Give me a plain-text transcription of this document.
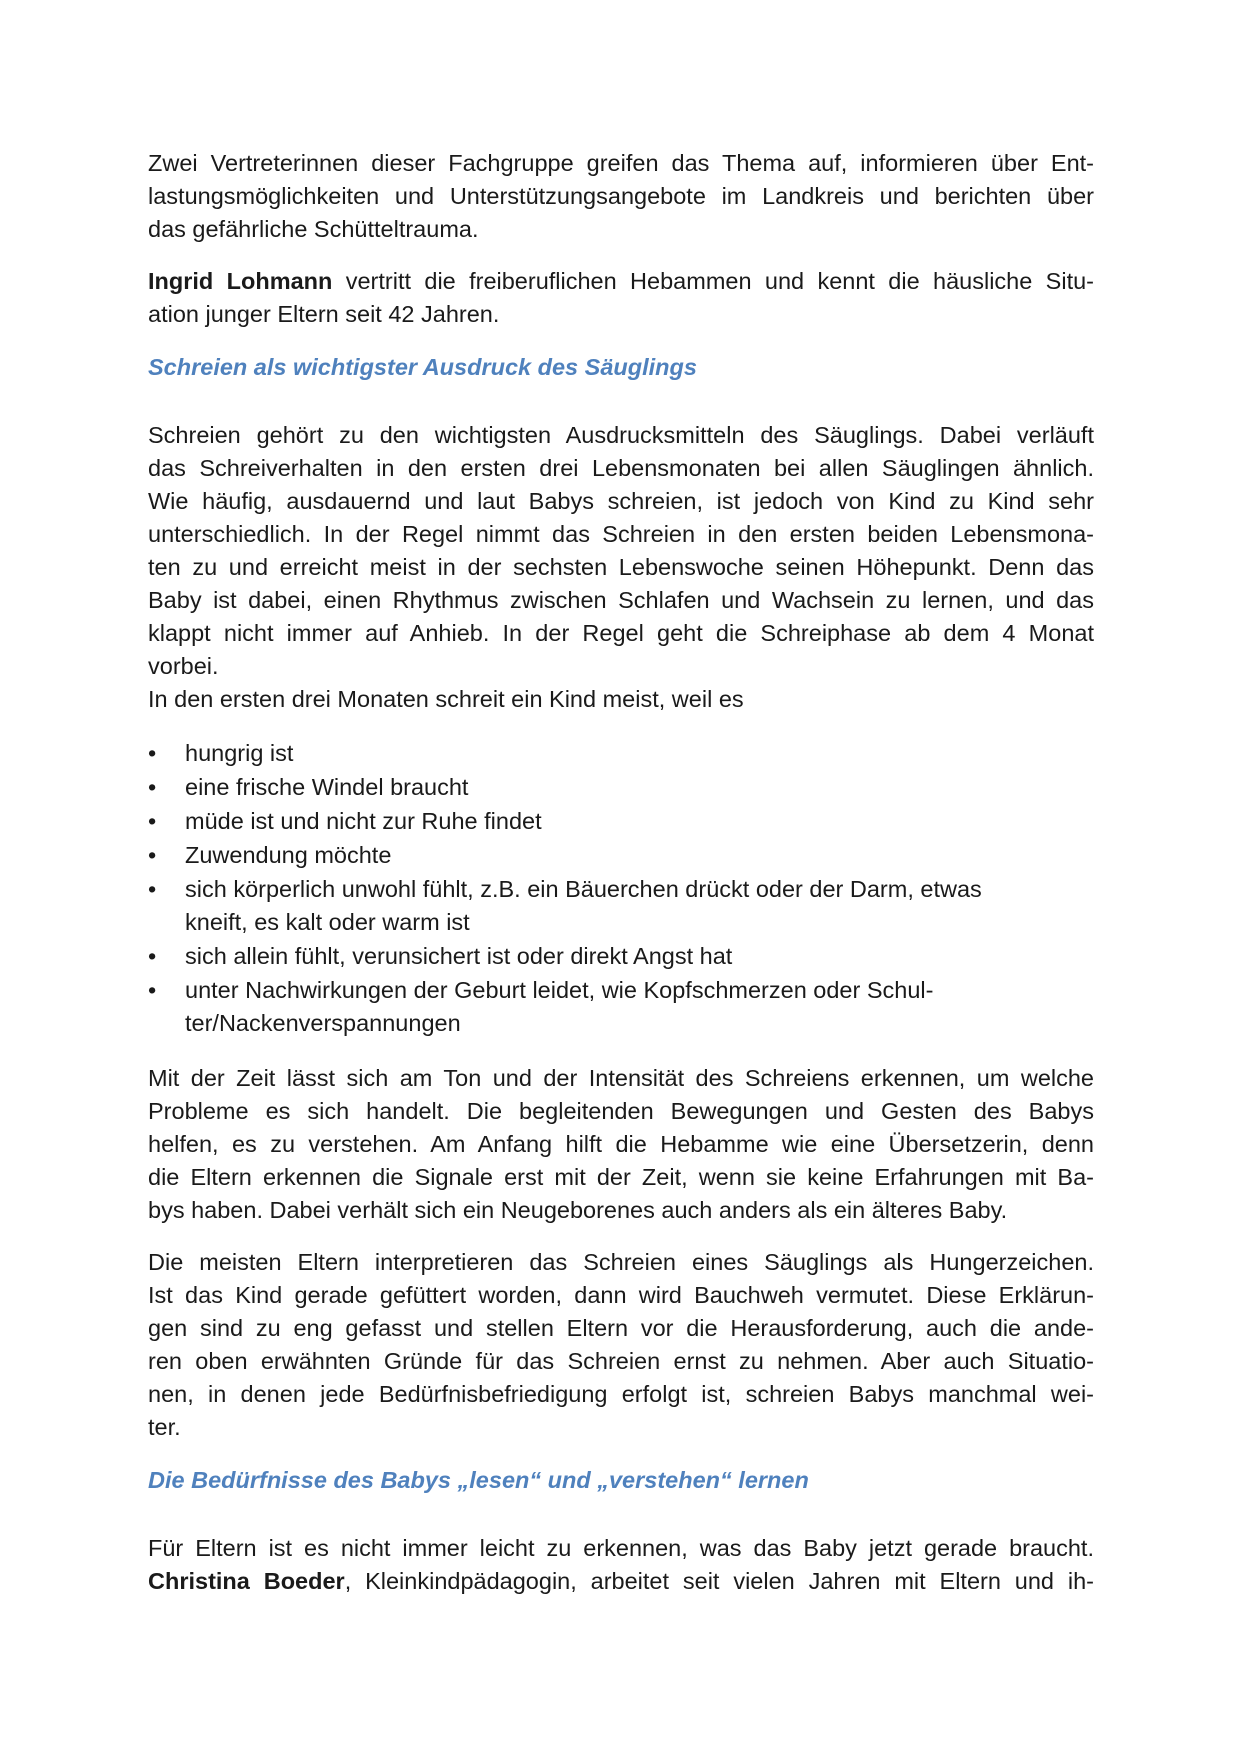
Zwei Vertreterinnen dieser Fachgruppe greifen das Thema auf, informieren über Ent-
lastungsmöglichkeiten und Unterstützungsangebote im Landkreis und berichten über
das gefährliche Schütteltrauma.
Ingrid Lohmann vertritt die freiberuflichen Hebammen und kennt die häusliche Situ-
ation junger Eltern seit 42 Jahren.
Schreien als wichtigster Ausdruck des Säuglings
Schreien gehört zu den wichtigsten Ausdrucksmitteln des Säuglings. Dabei verläuft
das Schreiverhalten in den ersten drei Lebensmonaten bei allen Säuglingen ähnlich.
Wie häufig, ausdauernd und laut Babys schreien, ist jedoch von Kind zu Kind sehr
unterschiedlich. In der Regel nimmt das Schreien in den ersten beiden Lebensmona-
ten zu und erreicht meist in der sechsten Lebenswoche seinen Höhepunkt. Denn das
Baby ist dabei, einen Rhythmus zwischen Schlafen und Wachsein zu lernen, und das
klappt nicht immer auf Anhieb. In der Regel geht die Schreiphase ab dem 4 Monat
vorbei.
In den ersten drei Monaten schreit ein Kind meist, weil es
• hungrig ist
• eine frische Windel braucht
• müde ist und nicht zur Ruhe findet
• Zuwendung möchte
• sich körperlich unwohl fühlt, z.B. ein Bäuerchen drückt oder der Darm, etwas
kneift, es kalt oder warm ist
• sich allein fühlt, verunsichert ist oder direkt Angst hat
• unter Nachwirkungen der Geburt leidet, wie Kopfschmerzen oder Schul-
ter/Nackenverspannungen
Mit der Zeit lässt sich am Ton und der Intensität des Schreiens erkennen, um welche
Probleme es sich handelt. Die begleitenden Bewegungen und Gesten des Babys
helfen, es zu verstehen. Am Anfang hilft die Hebamme wie eine Übersetzerin, denn
die Eltern erkennen die Signale erst mit der Zeit, wenn sie keine Erfahrungen mit Ba-
bys haben. Dabei verhält sich ein Neugeborenes auch anders als ein älteres Baby.
Die meisten Eltern interpretieren das Schreien eines Säuglings als Hungerzeichen.
Ist das Kind gerade gefüttert worden, dann wird Bauchweh vermutet. Diese Erklärun-
gen sind zu eng gefasst und stellen Eltern vor die Herausforderung, auch die ande-
ren oben erwähnten Gründe für das Schreien ernst zu nehmen. Aber auch Situatio-
nen, in denen jede Bedürfnisbefriedigung erfolgt ist, schreien Babys manchmal wei-
ter.
Die Bedürfnisse des Babys „lesen“ und „verstehen“ lernen
Für Eltern ist es nicht immer leicht zu erkennen, was das Baby jetzt gerade braucht.
Christina Boeder, Kleinkindpädagogin, arbeitet seit vielen Jahren mit Eltern und ih-
